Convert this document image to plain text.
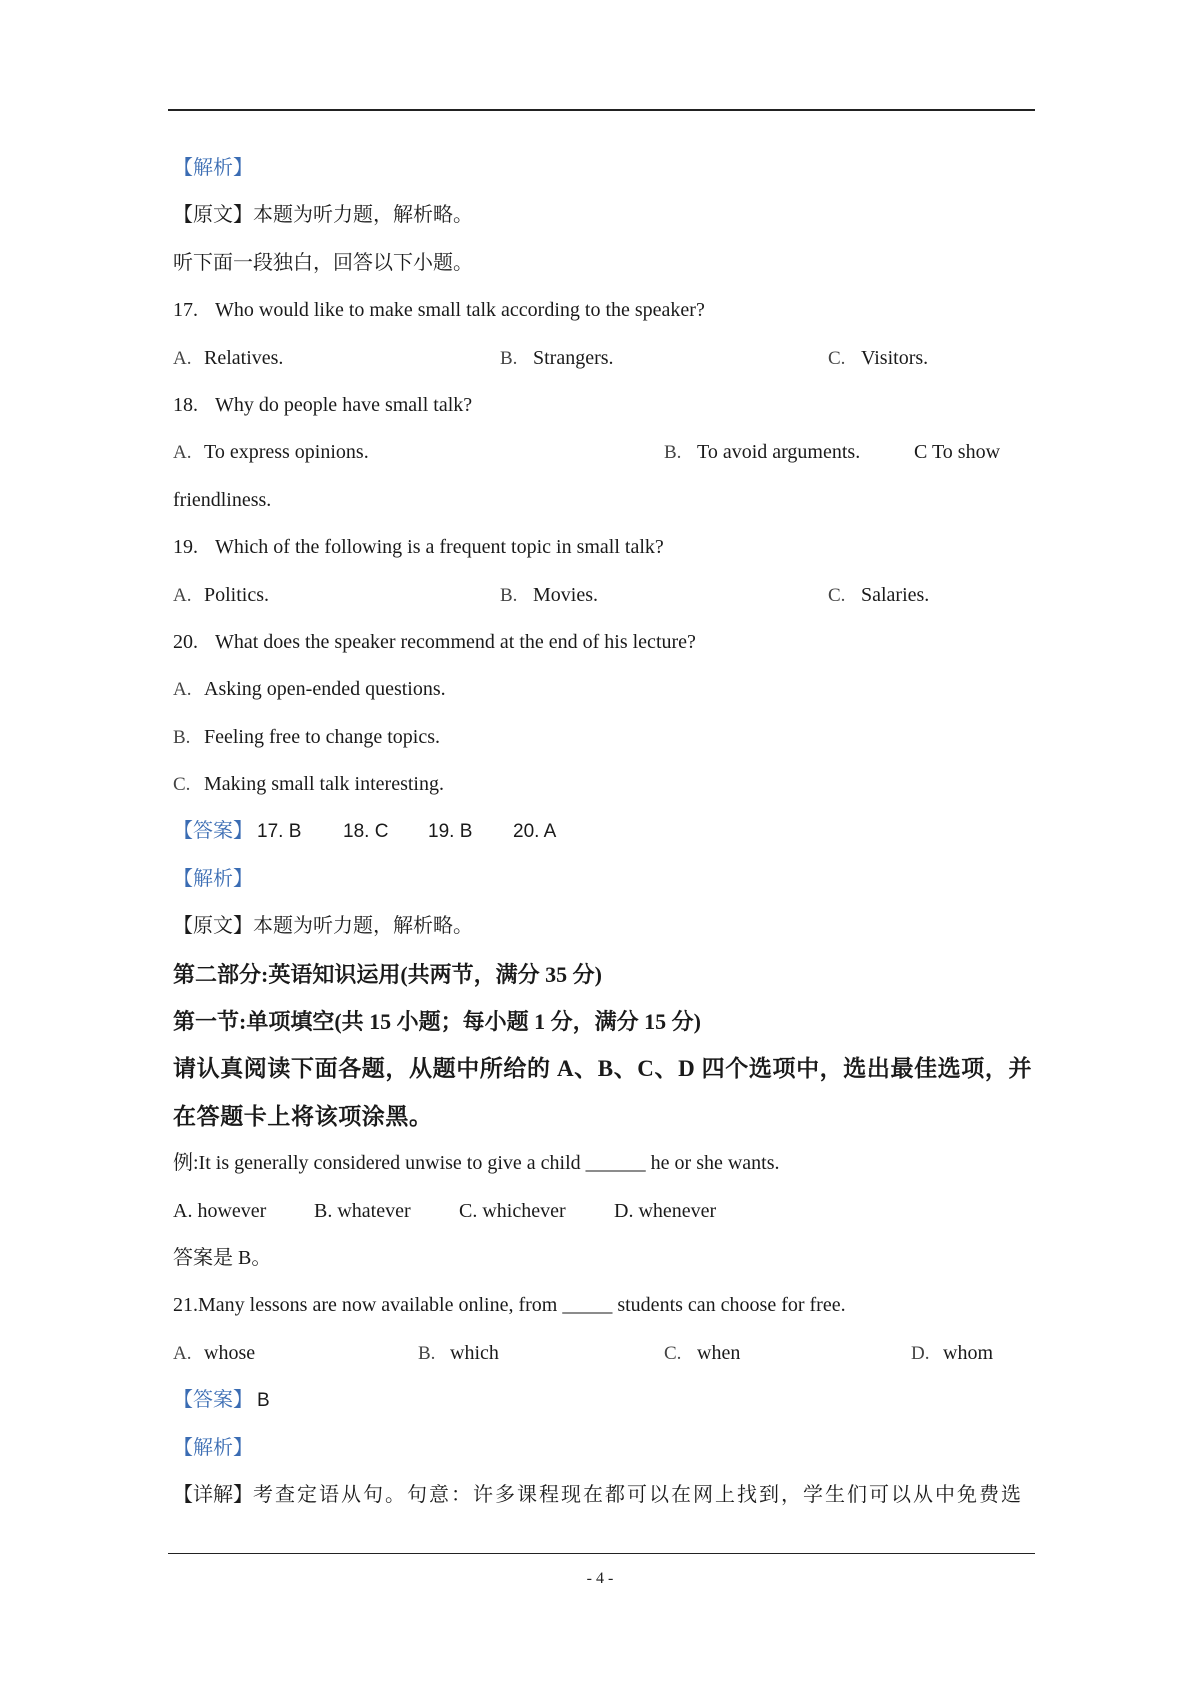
【解析】
【原文】 本题为听力题，解析略。
听下面一段独白，回答以下小题。
17. Who would like to make small talk according to the speaker?
A. Relatives.	B. Strangers.	C. Visitors.
18. Why do people have small talk?
A. To express opinions.	B. To avoid arguments.	C To show
friendliness.
19. Which of the following is a frequent topic in small talk?
A. Politics.	B. Movies.	C. Salaries.
20. What does the speaker recommend at the end of his lecture?
A. Asking open-ended questions.
B. Feeling free to change topics.
C. Making small talk interesting.
【答案】 17. B 18. C 19. B 20. A
【解析】
【原文】 本题为听力题，解析略。
第二部分:英语知识运用(共两节，满分 35 分)
第一节:单项填空(共 15 小题；每小题 1 分，满分 15 分)
请认真阅读下面各题，从题中所给的 A、B、C、D 四个选项中，选出最佳选项，并
在答题卡上将该项涂黑。
例:It is generally considered unwise to give a child ______ he or she wants.
A. however B. whatever C. whichever D. whenever
答案是 B。
21.Many lessons are now available online, from _____ students can choose for free.
A. whose	B. which	C. when	D. whom
【答案】 B
【解析】
【详解】 考查定语从句。句意：许多课程现在都可以在网上找到，学生们可以从中免费选
- 4 -
